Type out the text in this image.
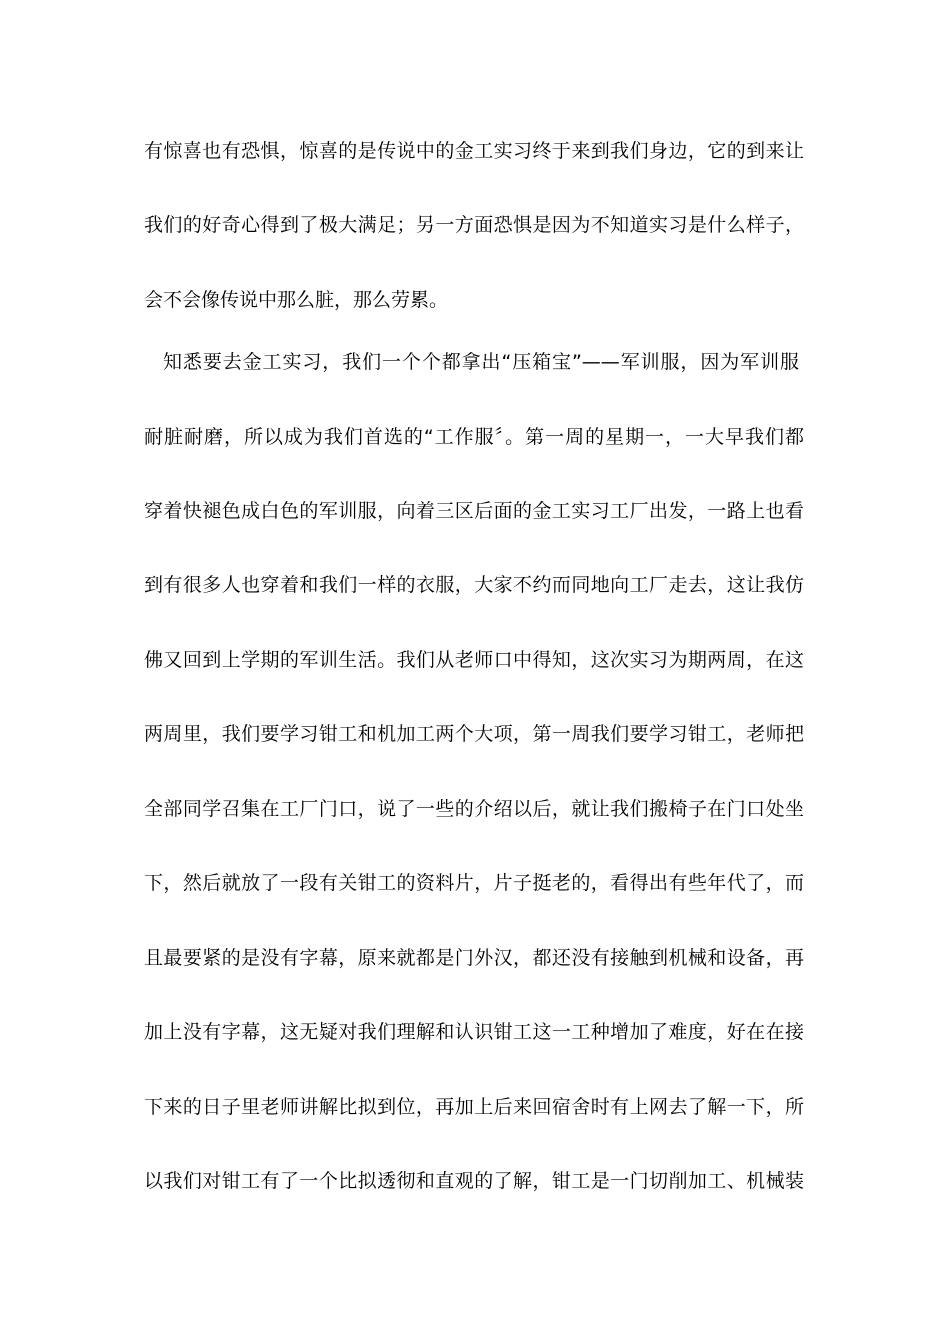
有惊喜也有恐惧，惊喜的是传说中的金工实习终于来到我们身边，它的到来让
我们的好奇心得到了极大满足；另一方面恐惧是因为不知道实习是什么样子，
会不会像传说中那么脏，那么劳累。
知悉要去金工实习，我们一个个都拿出“压箱宝”——军训服，因为军训服
耐脏耐磨，所以成为我们首选的“工作服〞。第一周的星期一，一大早我们都
穿着快褪色成白色的军训服，向着三区后面的金工实习工厂出发，一路上也看
到有很多人也穿着和我们一样的衣服，大家不约而同地向工厂走去，这让我仿
佛又回到上学期的军训生活。我们从老师口中得知，这次实习为期两周，在这
两周里，我们要学习钳工和机加工两个大项，第一周我们要学习钳工，老师把
全部同学召集在工厂门口，说了一些的介绍以后，就让我们搬椅子在门口处坐
下，然后就放了一段有关钳工的资料片，片子挺老的，看得出有些年代了，而
且最要紧的是没有字幕，原来就都是门外汉，都还没有接触到机械和设备，再
加上没有字幕，这无疑对我们理解和认识钳工这一工种增加了难度，好在在接
下来的日子里老师讲解比拟到位，再加上后来回宿舍时有上网去了解一下，所
以我们对钳工有了一个比拟透彻和直观的了解，钳工是一门切削加工、机械装
